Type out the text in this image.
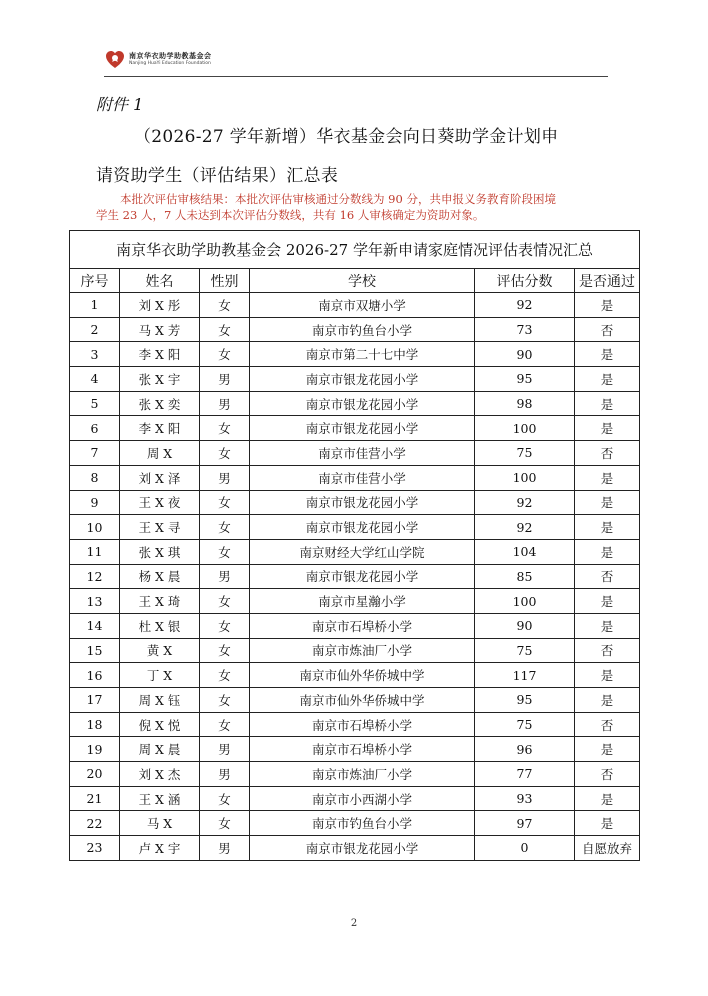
南京华衣助学助教基金会
Nanjing HuaYi Education Foundation
附件 1
（2026-27 学年新增）华衣基金会向日葵助学金计划申
请资助学生（评估结果）汇总表
本批次评估审核结果：本批次评估审核通过分数线为 90 分，共申报义务教育阶段困境
学生 23 人，7 人未达到本次评估分数线，共有 16 人审核确定为资助对象。
南京华衣助学助教基金会 2026-27 学年新申请家庭情况评估表情况汇总					
序号	姓名	性别	学校	评估分数	是否通过
1	刘 X 彤	女	南京市双塘小学	92	是
2	马 X 芳	女	南京市钓鱼台小学	73	否
3	李 X 阳	女	南京市第二十七中学	90	是
4	张 X 宇	男	南京市银龙花园小学	95	是
5	张 X 奕	男	南京市银龙花园小学	98	是
6	李 X 阳	女	南京市银龙花园小学	100	是
7	周 X	女	南京市佳营小学	75	否
8	刘 X 泽	男	南京市佳营小学	100	是
9	王 X 夜	女	南京市银龙花园小学	92	是
10	王 X 寻	女	南京市银龙花园小学	92	是
11	张 X 琪	女	南京财经大学红山学院	104	是
12	杨 X 晨	男	南京市银龙花园小学	85	否
13	王 X 琦	女	南京市星瀚小学	100	是
14	杜 X 银	女	南京市石埠桥小学	90	是
15	黄 X	女	南京市炼油厂小学	75	否
16	丁 X	女	南京市仙外华侨城中学	117	是
17	周 X 钰	女	南京市仙外华侨城中学	95	是
18	倪 X 悦	女	南京市石埠桥小学	75	否
19	周 X 晨	男	南京市石埠桥小学	96	是
20	刘 X 杰	男	南京市炼油厂小学	77	否
21	王 X 涵	女	南京市小西湖小学	93	是
22	马 X	女	南京市钓鱼台小学	97	是
23	卢 X 宇	男	南京市银龙花园小学	0	自愿放弃
2
